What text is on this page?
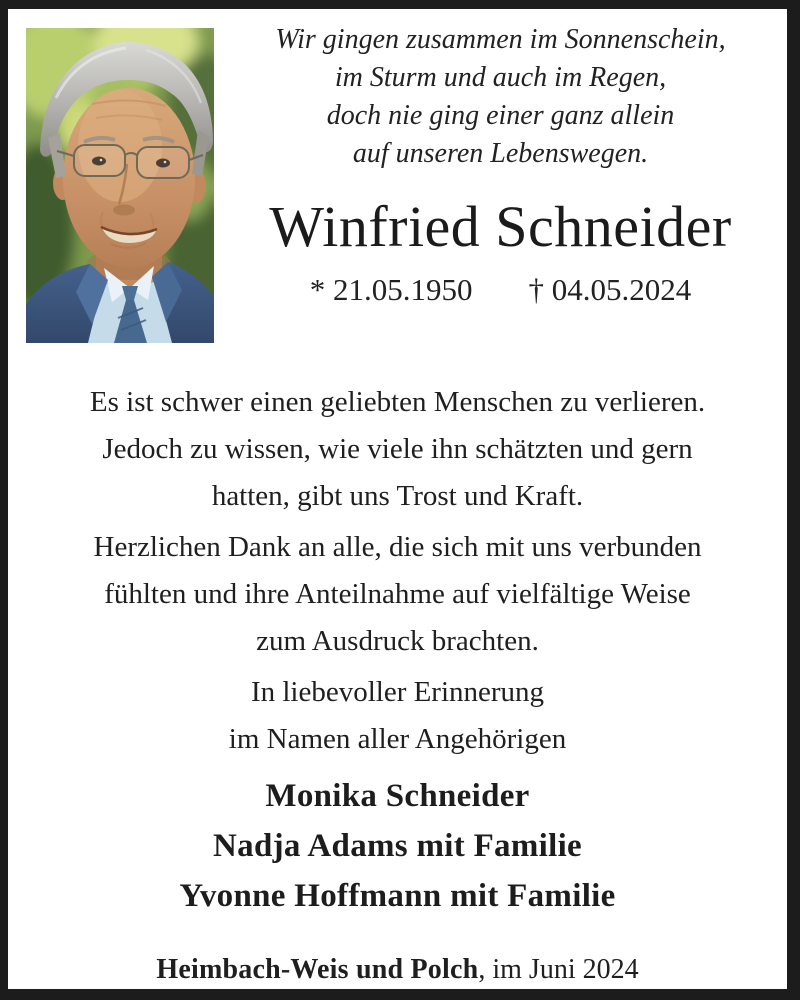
Wir gingen zusammen im Sonnenschein,
im Sturm und auch im Regen,
doch nie ging einer ganz allein
auf unseren Lebenswegen.
Winfried Schneider
* 21.05.1950 † 04.05.2024

Es ist schwer einen geliebten Menschen zu verlieren.
Jedoch zu wissen, wie viele ihn schätzten und gern
hatten, gibt uns Trost und Kraft.

Herzlichen Dank an alle, die sich mit uns verbunden
fühlten und ihre Anteilnahme auf vielfältige Weise
zum Ausdruck brachten.

In liebevoller Erinnerung
im Namen aller Angehörigen
Monika Schneider
Nadja Adams mit Familie
Yvonne Hoffmann mit Familie

Heimbach-Weis und Polch, im Juni 2024
